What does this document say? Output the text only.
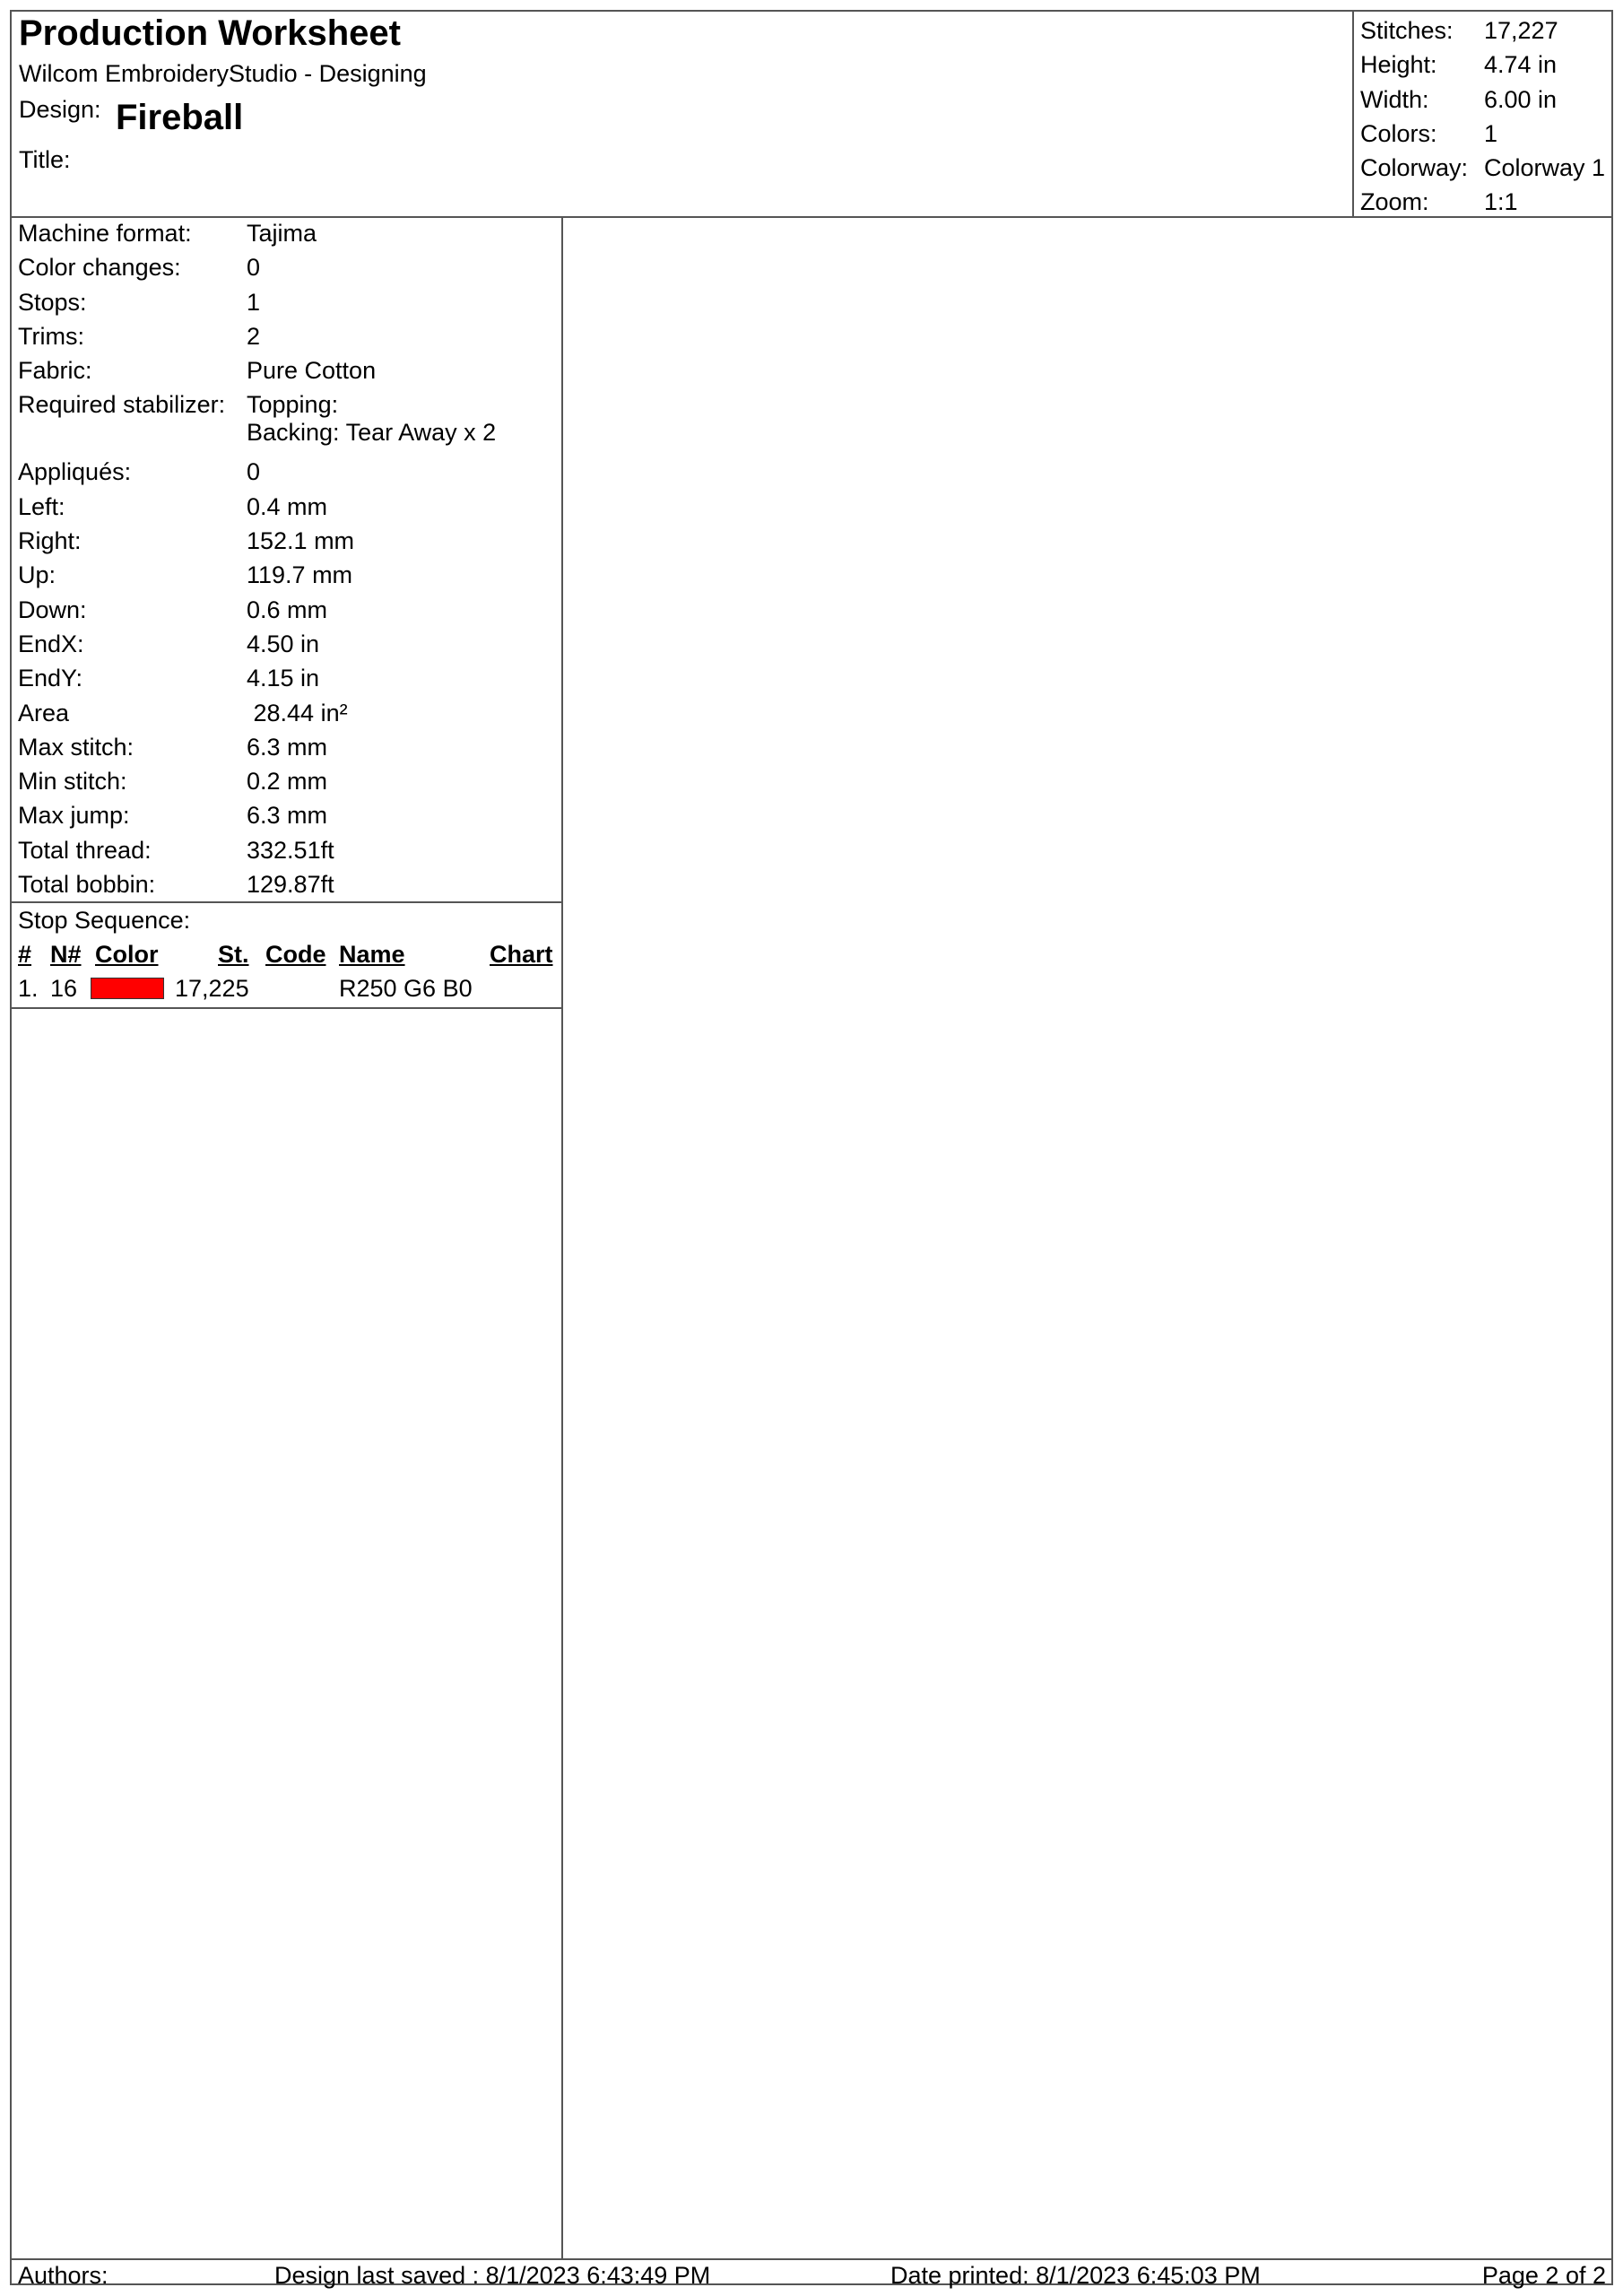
Production Worksheet
Wilcom EmbroideryStudio - Designing
Design: Fireball
Title:
Stitches:	17,227
Height:	4.74 in
Width:	6.00 in
Colors:	1
Colorway: Colorway 1
Zoom:	1:1
Machine format:	Tajima
Color changes:	0
Stops:	1
Trims:	2
Fabric:	Pure Cotton
Required stabilizer: Topping:
Backing: Tear Away x 2
Appliqués:	0
Left:	0.4 mm
Right:	152.1 mm
Up:	119.7 mm
Down:	0.6 mm
EndX:	4.50 in
EndY:	4.15 in
Area	28.44 in²
Max stitch:	6.3 mm
Min stitch:	0.2 mm
Max jump:	6.3 mm
Total thread:	332.51ft
Total bobbin:	129.87ft
Stop Sequence:
# N# Color St. Code Name	Chart
1. 16	17,225	R250 G6 B0
Authors:	Design last saved : 8/1/2023 6:43:49 PM	Date printed: 8/1/2023 6:45:03 PM	Page 2 of 2
